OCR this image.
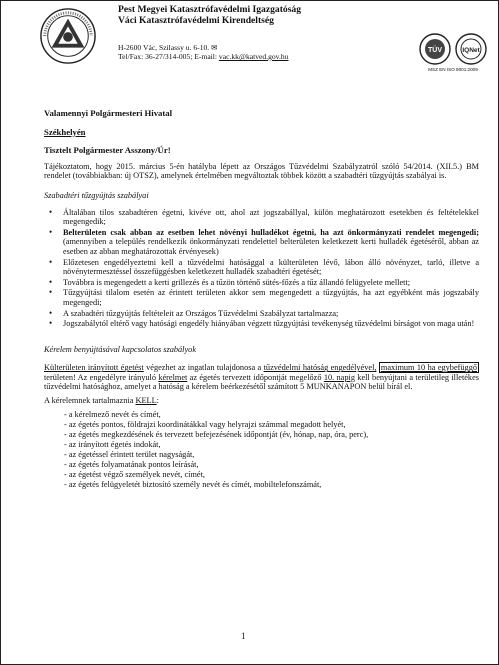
Pest Megyei Katasztrófavédelmi Igazgatóság
Váci Katasztrófavédelmi Kirendeltség
H-2600 Vác, Szilassy u. 6-10. ✉
Tel/Fax: 36-27/314-005; E-mail: vac.kk@katved.gov.hu
TÜV	IQNet
MSZ EN ISO 9001:2009
Valamennyi Polgármesteri Hivatal
Székhelyén
Tisztelt Polgármester Asszony/Úr!
Tájékoztatom, hogy 2015. március 5-én hatályba lépett az Országos Tűzvédelmi Szabályzatról szóló 54/2014. (XII.5.) BM rendelet (továbbiakban: új OTSZ), amelynek értelmében megváltoztak többek között a szabadtéri tűzgyújtás szabályai is.
Szabadtéri tűzgyújtás szabályai
• Általában tilos szabadtéren égetni, kivéve ott, ahol azt jogszabállyal, külön meghatározott esetekben és feltételekkel megengedik;
• Belterületen csak abban az esetben lehet növényi hulladékot égetni, ha azt önkormányzati rendelet megengedi; (amennyiben a település rendelkezik önkormányzati rendelettel belterületen keletkezett kerti hulladék égetéséről, abban az esetben az abban meghatározottak érvényesek)
• Előzetesen engedélyeztetni kell a tűzvédelmi hatósággal a külterületen lévő, lábon álló növényzet, tarló, illetve a növénytermesztéssel összefüggésben keletkezett hulladék szabadtéri égetését;
• Továbbra is megengedett a kerti grillezés és a tűzön történő sütés-főzés a tűz állandó felügyelete mellett;
• Tűzgyújtási tilalom esetén az érintett területen akkor sem megengedett a tűzgyújtás, ha azt egyébként más jogszabály megengedi;
• A szabadtéri tűzgyújtás feltételeit az Országos Tűzvédelmi Szabályzat tartalmazza;
• Jogszabálytól eltérő vagy hatósági engedély hiányában végzett tűzgyújtási tevékenység tűzvédelmi bírságot von maga után!
Kérelem benyújtásával kapcsolatos szabályok
Külterületen irányított égetést végezhet az ingatlan tulajdonosa a tűzvédelmi hatóság engedélyével, maximum 10 ha egybefüggő területen! Az engedélyre irányuló kérelmet az égetés tervezett időpontját megelőző 10. napig kell benyújtani a területileg illetékes tűzvédelmi hatósághoz, amelyet a hatóság a kérelem beérkezésétől számított 5 MUNKANAPON belül bírál el.
A kérelemnek tartalmaznia KELL:
- a kérelmező nevét és címét,
- az égetés pontos, földrajzi koordinátákkal vagy helyrajzi számmal megadott helyét,
- az égetés megkezdésének és tervezett befejezésének időpontját (év, hónap, nap, óra, perc),
- az irányított égetés indokát,
- az égetéssel érintett terület nagyságát,
- az égetés folyamatának pontos leírását,
- az égetést végző személyek nevét, címét,
- az égetés felügyeletét biztosító személy nevét és címét, mobiltelefonszámát,
1
